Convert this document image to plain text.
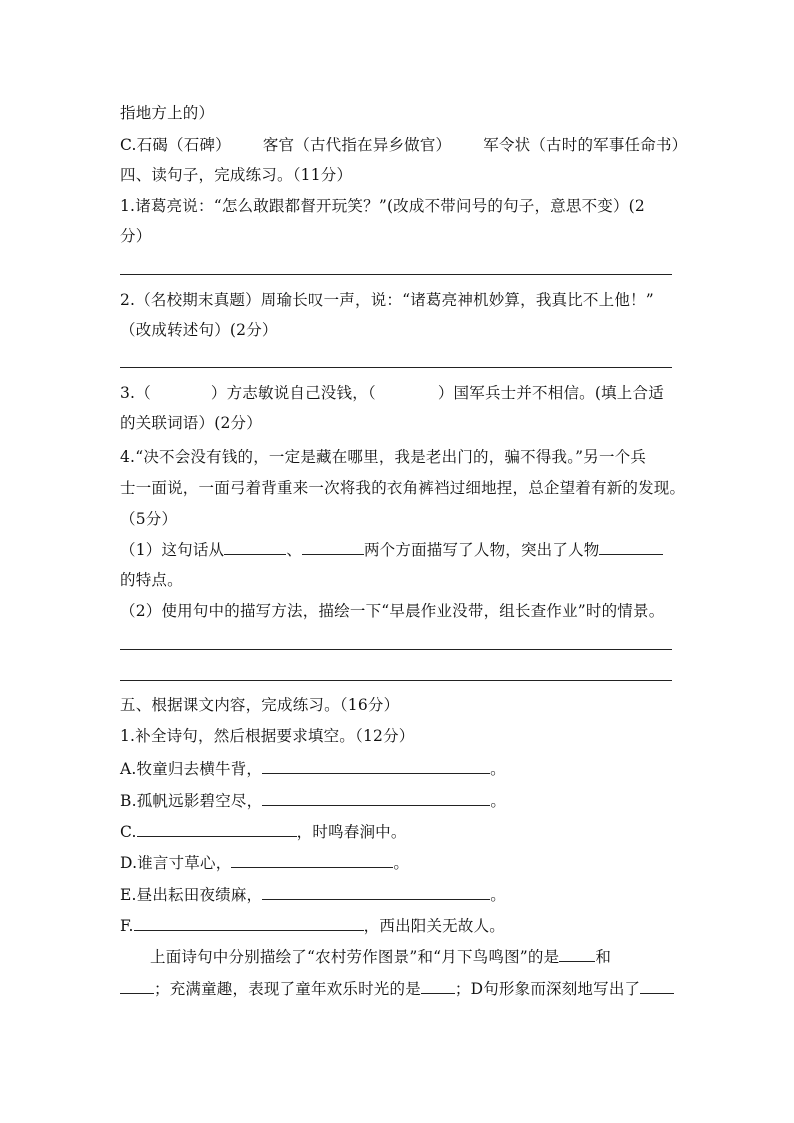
指地方上的）
C.石碣（石碑） 客官（古代指在异乡做官） 军令状（古时的军事任命书）
四、读句子，完成练习。（11分）
1.诸葛亮说：“怎么敢跟都督开玩笑？”(改成不带问号的句子，意思不变）(2
分）
2.（名校期末真题）周瑜长叹一声，说：“诸葛亮神机妙算，我真比不上他！”
（改成转述句）(2分）
3.（	）方志敏说自己没钱，（	）国军兵士并不相信。(填上合适
的关联词语）(2分）
4.“决不会没有钱的，一定是藏在哪里，我是老出门的，骗不得我。”另一个兵
士一面说，一面弓着背重来一次将我的衣角裤裆过细地捏，总企望着有新的发现。
（5分）
（1）这句话从	、	两个方面描写了人物，突出了人物
的特点。
（2）使用句中的描写方法，描绘一下“早晨作业没带，组长查作业”时的情景。
五、根据课文内容，完成练习。（16分）
1.补全诗句，然后根据要求填空。（12分）
A.牧童归去横牛背，	。
B.孤帆远影碧空尽，	。
C.	，时鸣春涧中。
D.谁言寸草心，	。
E.昼出耘田夜绩麻，	。
F.	，西出阳关无故人。
上面诗句中分别描绘了“农村劳作图景”和“月下鸟鸣图”的是 和
；充满童趣，表现了童年欢乐时光的是 ；D句形象而深刻地写出了
